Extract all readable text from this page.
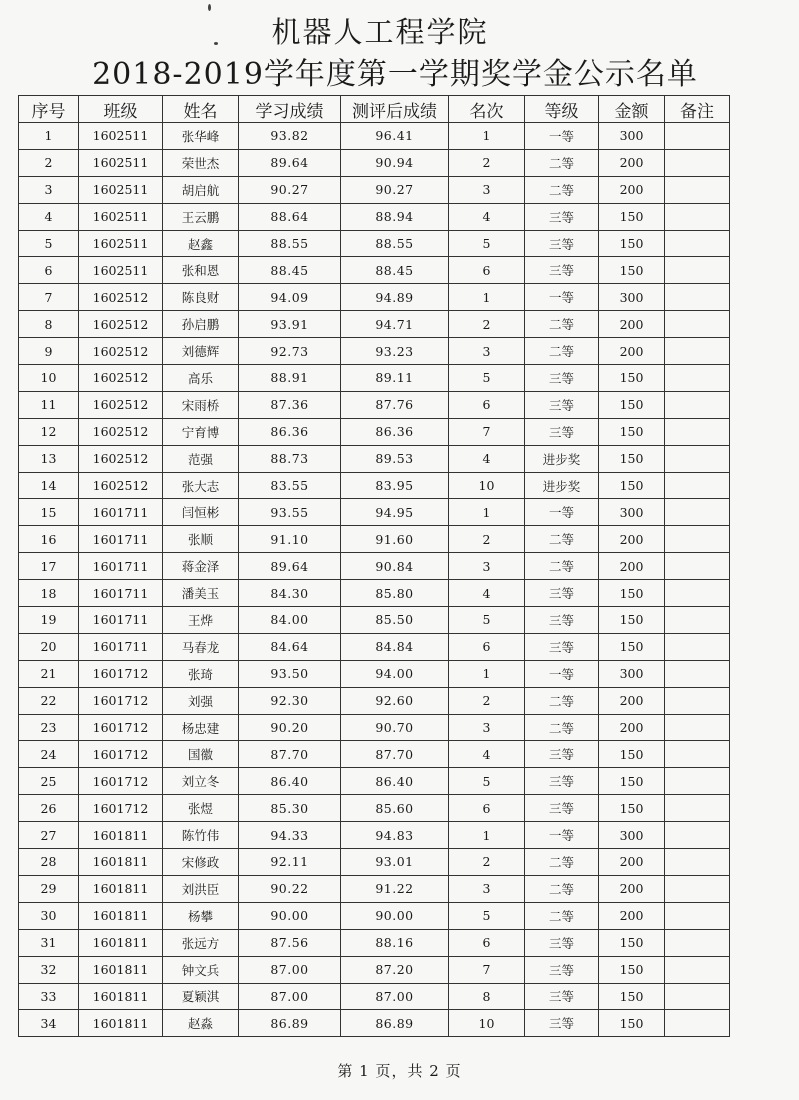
机器人工程学院
2018-2019学年度第一学期奖学金公示名单
序号	班级	姓名	学习成绩	测评后成绩	名次	等级	金额	备注
1	1602511	张华峰	93.82	96.41	1	一等	300	
2	1602511	荣世杰	89.64	90.94	2	二等	200	
3	1602511	胡启航	90.27	90.27	3	二等	200	
4	1602511	王云鹏	88.64	88.94	4	三等	150	
5	1602511	赵鑫	88.55	88.55	5	三等	150	
6	1602511	张和恩	88.45	88.45	6	三等	150	
7	1602512	陈良财	94.09	94.89	1	一等	300	
8	1602512	孙启鹏	93.91	94.71	2	二等	200	
9	1602512	刘德辉	92.73	93.23	3	二等	200	
10	1602512	高乐	88.91	89.11	5	三等	150	
11	1602512	宋雨桥	87.36	87.76	6	三等	150	
12	1602512	宁育博	86.36	86.36	7	三等	150	
13	1602512	范强	88.73	89.53	4	进步奖	150	
14	1602512	张大志	83.55	83.95	10	进步奖	150	
15	1601711	闫恒彬	93.55	94.95	1	一等	300	
16	1601711	张顺	91.10	91.60	2	二等	200	
17	1601711	蒋金泽	89.64	90.84	3	二等	200	
18	1601711	潘美玉	84.30	85.80	4	三等	150	
19	1601711	王烨	84.00	85.50	5	三等	150	
20	1601711	马春龙	84.64	84.84	6	三等	150	
21	1601712	张琦	93.50	94.00	1	一等	300	
22	1601712	刘强	92.30	92.60	2	二等	200	
23	1601712	杨忠建	90.20	90.70	3	二等	200	
24	1601712	国徽	87.70	87.70	4	三等	150	
25	1601712	刘立冬	86.40	86.40	5	三等	150	
26	1601712	张煜	85.30	85.60	6	三等	150	
27	1601811	陈竹伟	94.33	94.83	1	一等	300	
28	1601811	宋修政	92.11	93.01	2	二等	200	
29	1601811	刘洪臣	90.22	91.22	3	二等	200	
30	1601811	杨攀	90.00	90.00	5	二等	200	
31	1601811	张远方	87.56	88.16	6	三等	150	
32	1601811	钟文兵	87.00	87.20	7	三等	150	
33	1601811	夏颖淇	87.00	87.00	8	三等	150	
34	1601811	赵淼	86.89	86.89	10	三等	150	
第 1 页，共 2 页
